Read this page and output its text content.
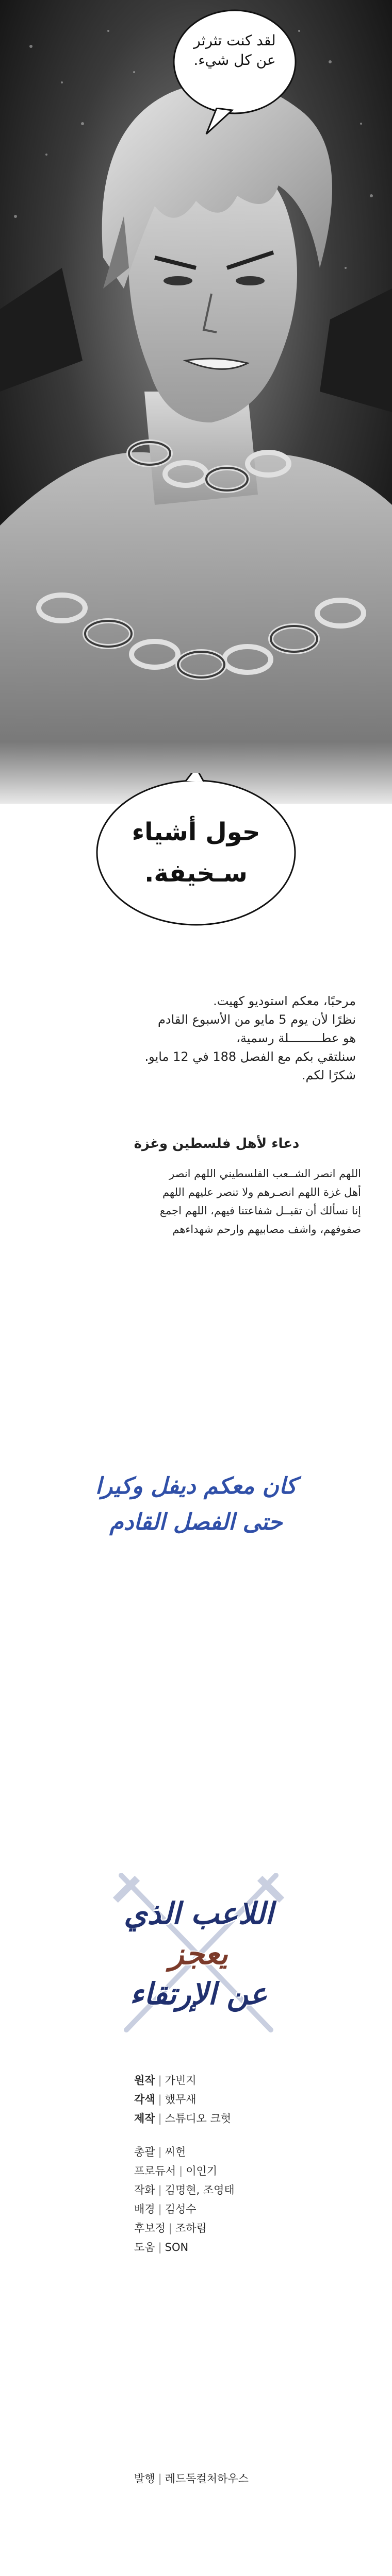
لقد كنت تثرثر
عن كل شيء.
حول أشياء
سـخيفة.
مرحبًا، معكم استوديو كهيت.
نظرًا لأن يوم 5 مايو من الأسبوع القادم
هو عطـــــــــلة رسمية،
سنلتقي بكم مع الفصل 188 في 12 مايو.
شكرًا لكم.
دعاء لأهل فلسطين وغزة
اللهم انصر الشــعب الفلسطيني اللهم انصر
أهل غزة اللهم انصـرهم ولا تنصر عليهم اللهم
إنا نسألك أن تقبــل شفاعتنا فيهم، اللهم اجمع
صفوفهم، واشف مصابيهم وارحم شهداءهم
كان معكم ديفل وكيرا
حتى الفصل القادم
اللاعب الذي
يعجز
عن الإرتقاء
원작 | 가빈지
각색 | 했무새
제작 | 스튜디오 크헛
총괄 | 씨헌
프로듀서 | 이인기
작화 | 김명현, 조영태
배경 | 김성수
후보정 | 조하림
도움 | SON
발행 | 레드독컬처하우스
